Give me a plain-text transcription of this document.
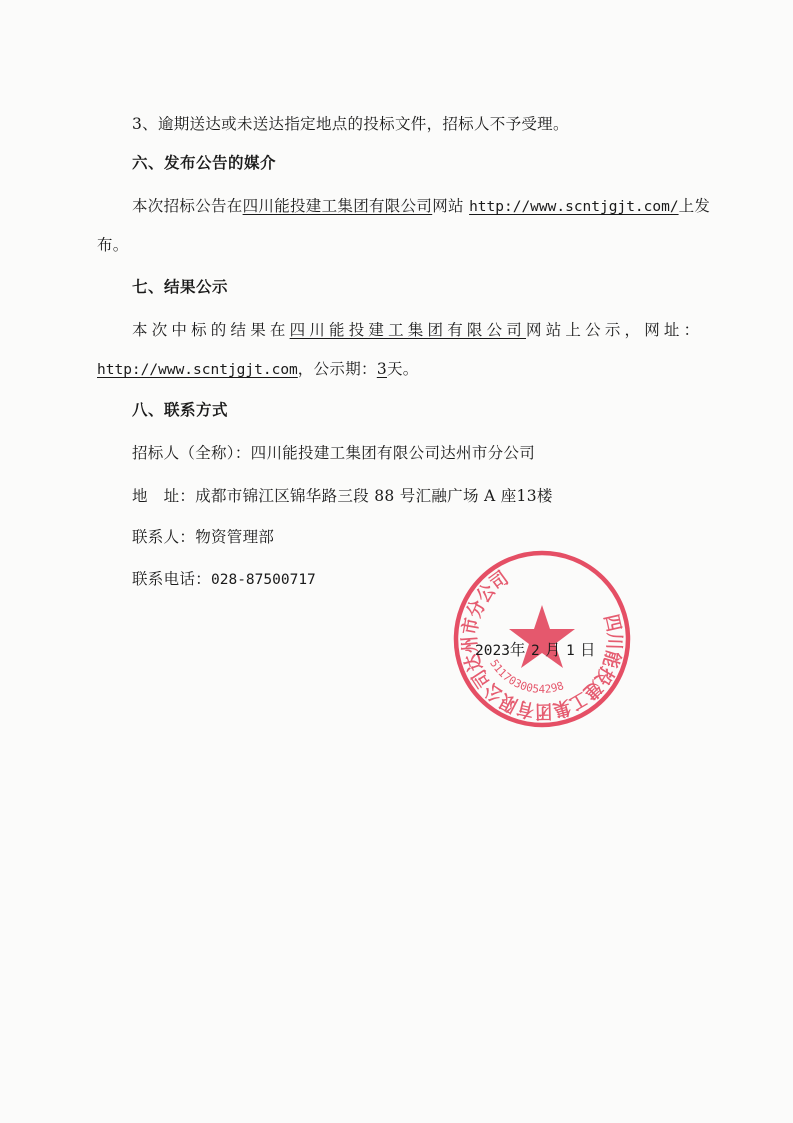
3、逾期送达或未送达指定地点的投标文件，招标人不予受理。
六、发布公告的媒介
本次招标公告在四川能投建工集团有限公司网站 http://www.scntjgjt.com/上发
布。
七、结果公示
本次中标的结果在四川能投建工集团有限公司网站上公示，网址：
http://www.scntjgjt.com，公示期：3天。
八、联系方式
招标人（全称）：四川能投建工集团有限公司达州市分公司
地　址：成都市锦江区锦华路三段 88 号汇融广场 A 座13楼
联系人：物资管理部
联系电话：028-87500717
四川能投建工集团有限公司达州市分公司
5117030054298
2023年 2 月 1 日
